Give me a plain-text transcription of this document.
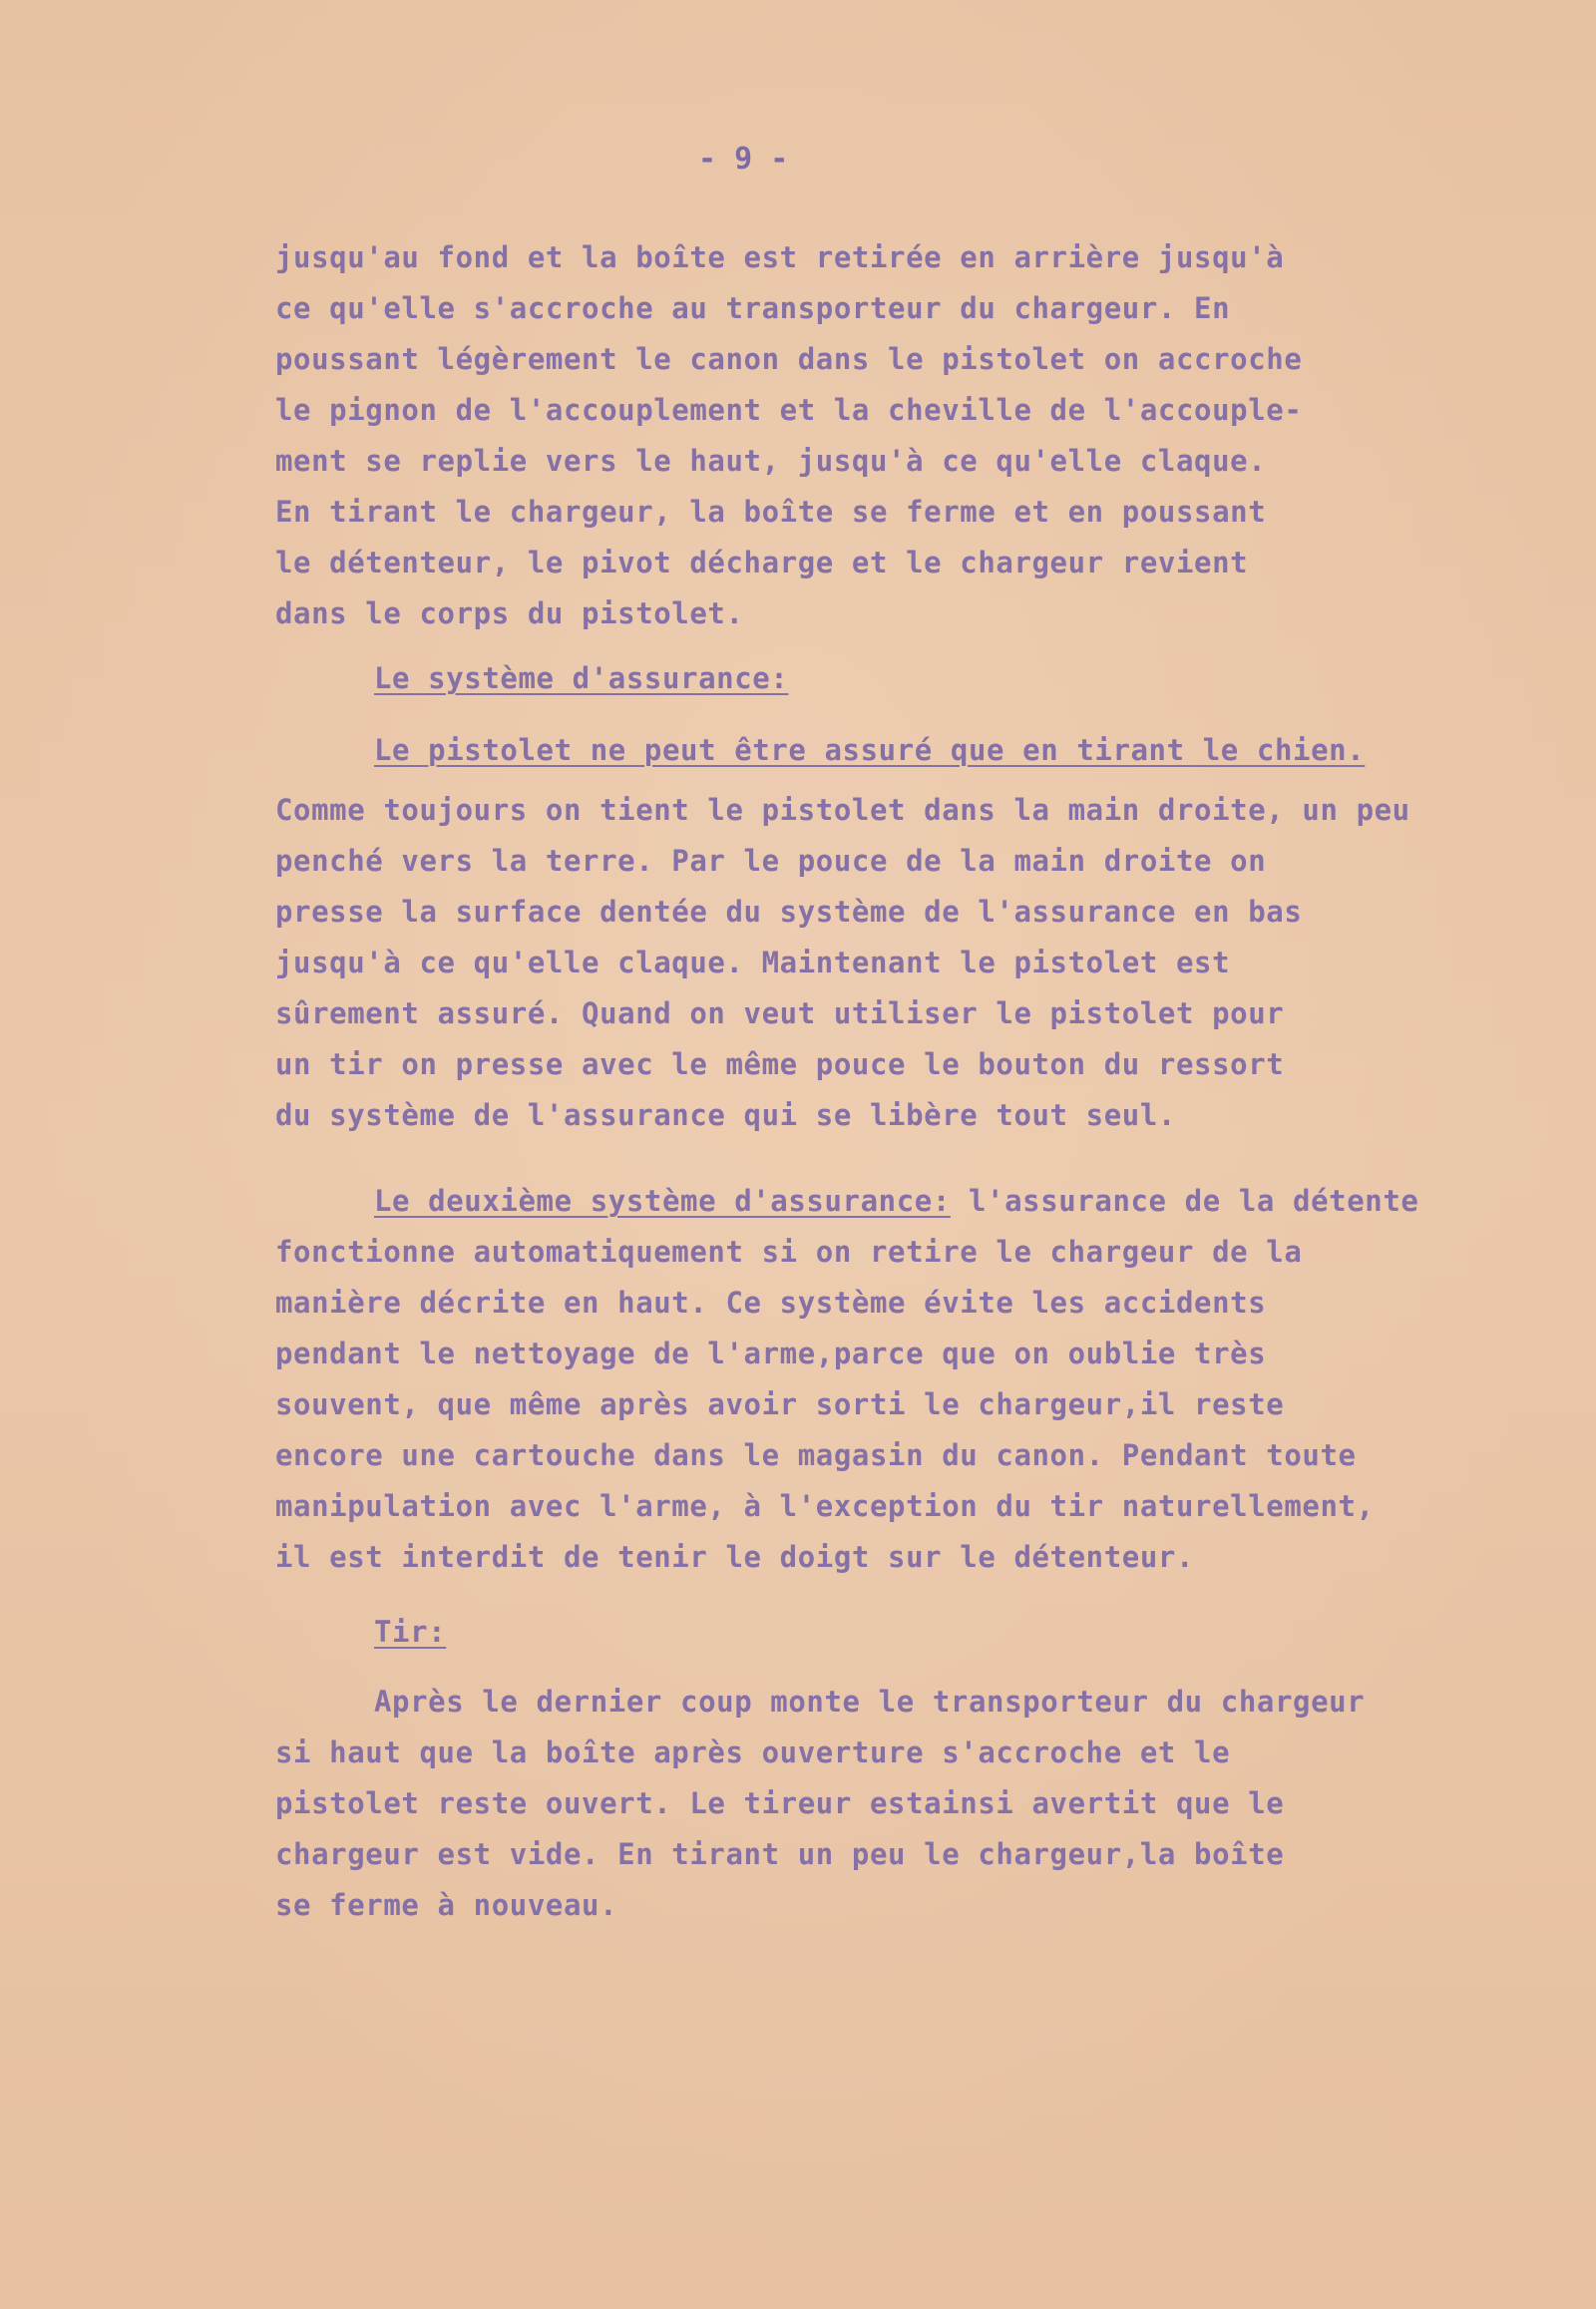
- 9 -
jusqu'au fond et la boîte est retirée en arrière jusqu'à
ce qu'elle s'accroche au transporteur du chargeur. En
poussant légèrement le canon dans le pistolet on accroche
le pignon de l'accouplement et la cheville de l'accouple-
ment se replie vers le haut, jusqu'à ce qu'elle claque.
En tirant le chargeur, la boîte se ferme et en poussant
le détenteur, le pivot décharge et le chargeur revient
dans le corps du pistolet.
Le système d'assurance:
Le pistolet ne peut être assuré que en tirant le chien.
Comme toujours on tient le pistolet dans la main droite, un peu
penché vers la terre. Par le pouce de la main droite on
presse la surface dentée du système de l'assurance en bas
jusqu'à ce qu'elle claque. Maintenant le pistolet est
sûrement assuré. Quand on veut utiliser le pistolet pour
un tir on presse avec le même pouce le bouton du ressort
du système de l'assurance qui se libère tout seul.
Le deuxième système d'assurance: l'assurance de la détente
fonctionne automatiquement si on retire le chargeur de la
manière décrite en haut. Ce système évite les accidents
pendant le nettoyage de l'arme,parce que on oublie très
souvent, que même après avoir sorti le chargeur,il reste
encore une cartouche dans le magasin du canon. Pendant toute
manipulation avec l'arme, à l'exception du tir naturellement,
il est interdit de tenir le doigt sur le détenteur.
Tir:
Après le dernier coup monte le transporteur du chargeur
si haut que la boîte après ouverture s'accroche et le
pistolet reste ouvert. Le tireur estainsi avertit que le
chargeur est vide. En tirant un peu le chargeur,la boîte
se ferme à nouveau.
